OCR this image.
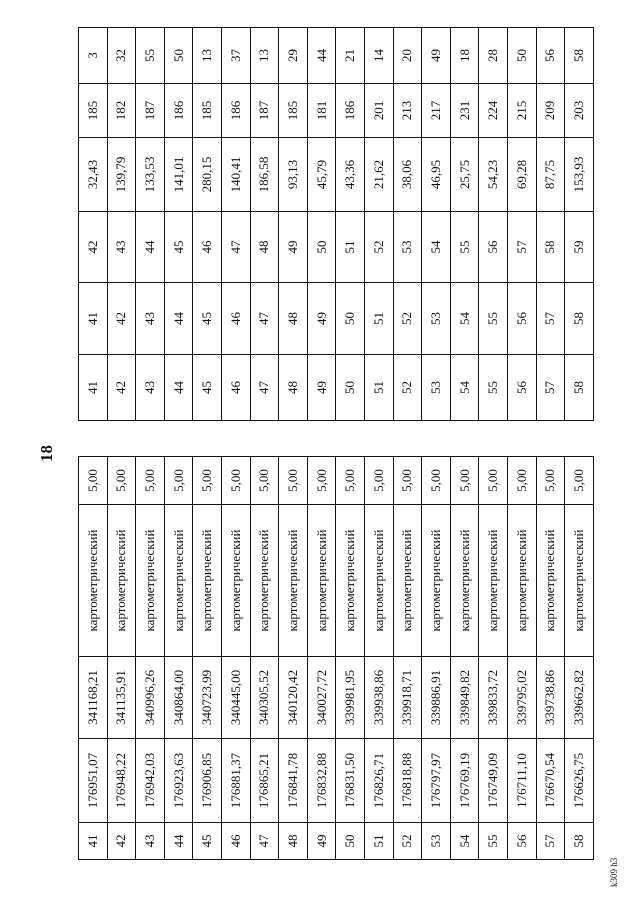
18
k309 h3
41	176951,07	341168,21	картометрический	5,00
42	176948,22	341135,91	картометрический	5,00
43	176942,03	340996,26	картометрический	5,00
44	176923,63	340864,00	картометрический	5,00
45	176906,85	340723,99	картометрический	5,00
46	176881,37	340445,00	картометрический	5,00
47	176865,21	340305,52	картометрический	5,00
48	176841,78	340120,42	картометрический	5,00
49	176832,88	340027,72	картометрический	5,00
50	176831,50	339981,95	картометрический	5,00
51	176826,71	339938,86	картометрический	5,00
52	176818,88	339918,71	картометрический	5,00
53	176797,97	339886,91	картометрический	5,00
54	176769,19	339849,82	картометрический	5,00
55	176749,09	339833,72	картометрический	5,00
56	176711,10	339795,02	картометрический	5,00
57	176670,54	339738,86	картометрический	5,00
58	176626,75	339662,82	картометрический	5,00
41	41	42	32,43	185	3
42	42	43	139,79	182	32
43	43	44	133,53	187	55
44	44	45	141,01	186	50
45	45	46	280,15	185	13
46	46	47	140,41	186	37
47	47	48	186,58	187	13
48	48	49	93,13	185	29
49	49	50	45,79	181	44
50	50	51	43,36	186	21
51	51	52	21,62	201	14
52	52	53	38,06	213	20
53	53	54	46,95	217	49
54	54	55	25,75	231	18
55	55	56	54,23	224	28
56	56	57	69,28	215	50
57	57	58	87,75	209	56
58	58	59	153,93	203	58
